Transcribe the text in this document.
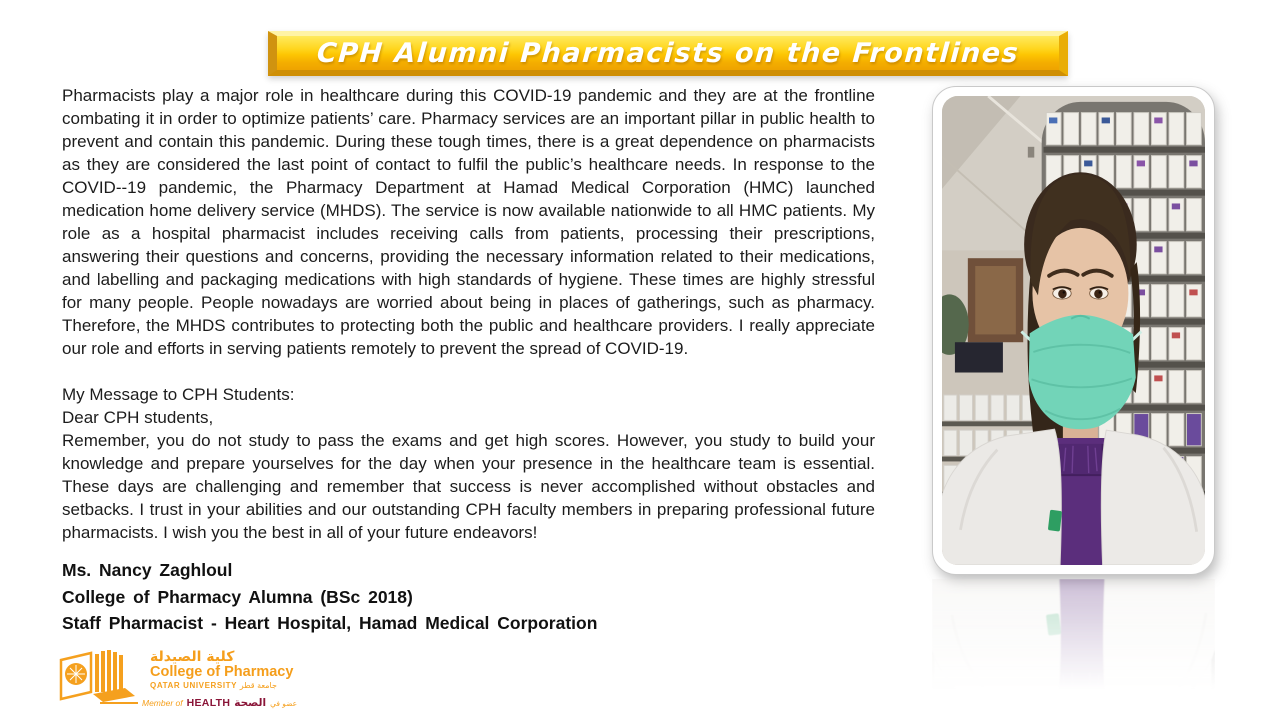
CPH Alumni Pharmacists on the Frontlines

Pharmacists play a major role in healthcare during this COVID-19 pandemic and they are at the frontline combating it in order to optimize patients’ care. Pharmacy services are an important pillar in public health to prevent and contain this pandemic. During these tough times, there is a great dependence on pharmacists as they are considered the last point of contact to fulfil the public’s healthcare needs. In response to the COVID--19 pandemic, the Pharmacy Department at Hamad Medical Corporation (HMC) launched medication home delivery service (MHDS). The service is now available nationwide to all HMC patients. My role as a hospital pharmacist includes receiving calls from patients, processing their prescriptions, answering their questions and concerns, providing the necessary information related to their medications, and labelling and packaging medications with high standards of hygiene. These times are highly stressful for many people. People nowadays are worried about being in places of gatherings, such as pharmacy. Therefore, the MHDS contributes to protecting both the public and healthcare providers. I really appreciate our role and efforts in serving patients remotely to prevent the spread of COVID-19.

My Message to CPH Students:

Dear CPH students,

Remember, you do not study to pass the exams and get high scores. However, you study to build your knowledge and prepare yourselves for the day when your presence in the healthcare team is essential. These days are challenging and remember that success is never accomplished without obstacles and setbacks. I trust in your abilities and our outstanding CPH faculty members in preparing professional future pharmacists. I wish you the best in all of your future endeavors!

Ms. Nancy Zaghloul
College of Pharmacy Alumna (BSc 2018)
Staff Pharmacist - Heart Hospital, Hamad Medical Corporation
كلية الصيدلة
College of Pharmacy
QATAR UNIVERSITY جامعة قطر
Member of HEALTH الصحة عضو في
